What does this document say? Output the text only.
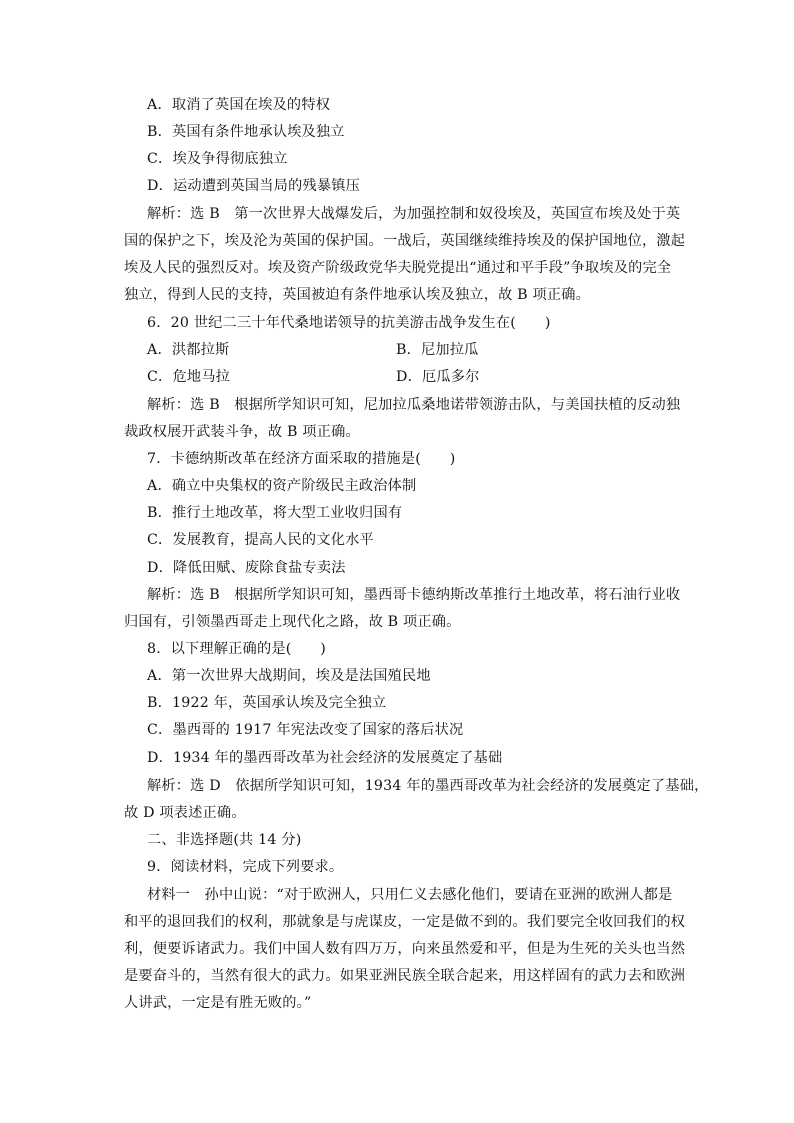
A．取消了英国在埃及的特权
B．英国有条件地承认埃及独立
C．埃及争得彻底独立
D．运动遭到英国当局的残暴镇压
解析：选 B　第一次世界大战爆发后，为加强控制和奴役埃及，英国宣布埃及处于英
国的保护之下，埃及沦为英国的保护国。一战后，英国继续维持埃及的保护国地位，激起
埃及人民的强烈反对。埃及资产阶级政党华夫脱党提出“通过和平手段”争取埃及的完全
独立，得到人民的支持，英国被迫有条件地承认埃及独立，故 B 项正确。
6．20 世纪二三十年代桑地诺领导的抗美游击战争发生在(　　)
A．洪都拉斯	B．尼加拉瓜
C．危地马拉	D．厄瓜多尔
解析：选 B　根据所学知识可知，尼加拉瓜桑地诺带领游击队，与美国扶植的反动独
裁政权展开武装斗争，故 B 项正确。
7．卡德纳斯改革在经济方面采取的措施是(　　)
A．确立中央集权的资产阶级民主政治体制
B．推行土地改革，将大型工业收归国有
C．发展教育，提高人民的文化水平
D．降低田赋、废除食盐专卖法
解析：选 B　根据所学知识可知，墨西哥卡德纳斯改革推行土地改革，将石油行业收
归国有，引领墨西哥走上现代化之路，故 B 项正确。
8．以下理解正确的是(　　)
A．第一次世界大战期间，埃及是法国殖民地
B．1922 年，英国承认埃及完全独立
C．墨西哥的 1917 年宪法改变了国家的落后状况
D．1934 年的墨西哥改革为社会经济的发展奠定了基础
解析：选 D　依据所学知识可知，1934 年的墨西哥改革为社会经济的发展奠定了基础，
故 D 项表述正确。
二、非选择题(共 14 分)
9．阅读材料，完成下列要求。
材料一　孙中山说：“对于欧洲人，只用仁义去感化他们，要请在亚洲的欧洲人都是
和平的退回我们的权利，那就象是与虎谋皮，一定是做不到的。我们要完全收回我们的权
利，便要诉诸武力。我们中国人数有四万万，向来虽然爱和平，但是为生死的关头也当然
是要奋斗的，当然有很大的武力。如果亚洲民族全联合起来，用这样固有的武力去和欧洲
人讲武，一定是有胜无败的。”
